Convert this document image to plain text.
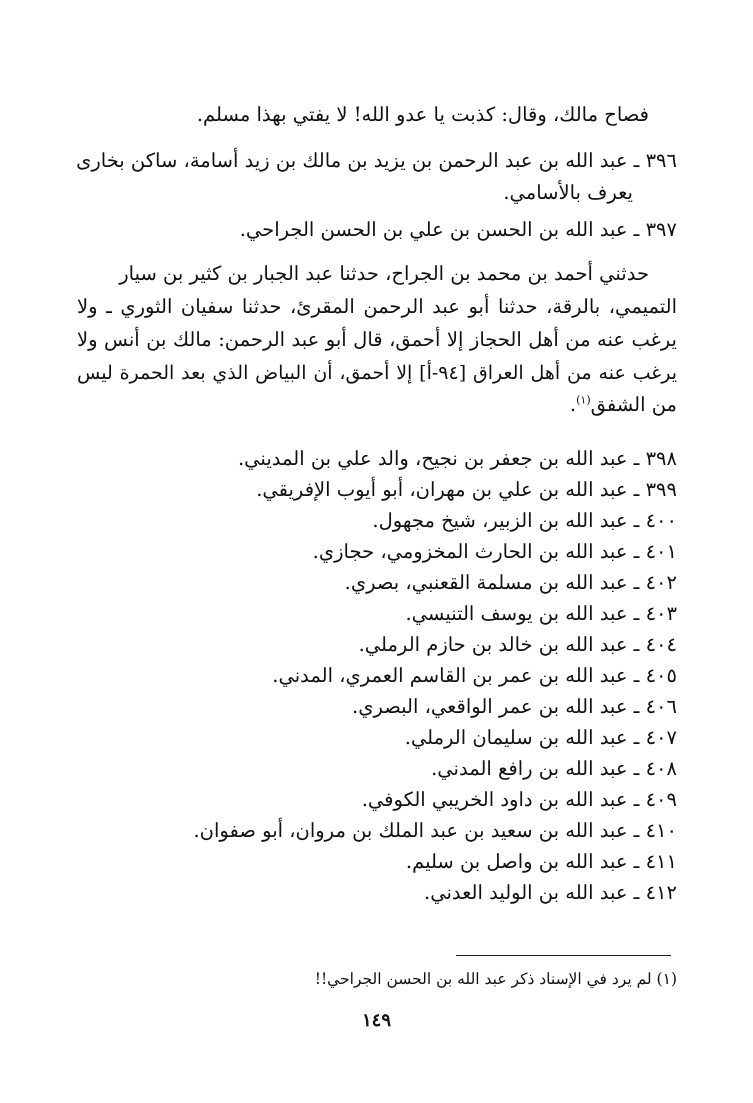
فصاح مالك، وقال: كذبت يا عدو الله! لا يفتي بهذا مسلم.
٣٩٦ ـ عبد الله بن عبد الرحمن بن يزيد بن مالك بن زيد أسامة، ساكن بخارى
يعرف بالأسامي.
٣٩٧ ـ عبد الله بن الحسن بن علي بن الحسن الجراحي.
حدثني أحمد بن محمد بن الجراح، حدثنا عبد الجبار بن كثير بن سيار
التميمي، بالرقة، حدثنا أبو عبد الرحمن المقرئ، حدثنا سفيان الثوري ـ ولا
يرغب عنه من أهل الحجاز إلا أحمق، قال أبو عبد الرحمن: مالك بن أنس ولا
يرغب عنه من أهل العراق [٩٤-أ] إلا أحمق، أن البياض الذي بعد الحمرة ليس
من الشفق$^{(١)}$.
٣٩٨ ـ عبد الله بن جعفر بن نجيح، والد علي بن المديني.
٣٩٩ ـ عبد الله بن علي بن مهران، أبو أيوب الإفريقي.
٤٠٠ ـ عبد الله بن الزبير، شيخ مجهول.
٤٠١ ـ عبد الله بن الحارث المخزومي، حجازي.
٤٠٢ ـ عبد الله بن مسلمة القعنبي، بصري.
٤٠٣ ـ عبد الله بن يوسف التنيسي.
٤٠٤ ـ عبد الله بن خالد بن حازم الرملي.
٤٠٥ ـ عبد الله بن عمر بن القاسم العمري، المدني.
٤٠٦ ـ عبد الله بن عمر الواقعي، البصري.
٤٠٧ ـ عبد الله بن سليمان الرملي.
٤٠٨ ـ عبد الله بن رافع المدني.
٤٠٩ ـ عبد الله بن داود الخريبي الكوفي.
٤١٠ ـ عبد الله بن سعيد بن عبد الملك بن مروان، أبو صفوان.
٤١١ ـ عبد الله بن واصل بن سليم.
٤١٢ ـ عبد الله بن الوليد العدني.
(١) لم يرد في الإسناد ذكر عبد الله بن الحسن الجراحي!!
١٤٩
